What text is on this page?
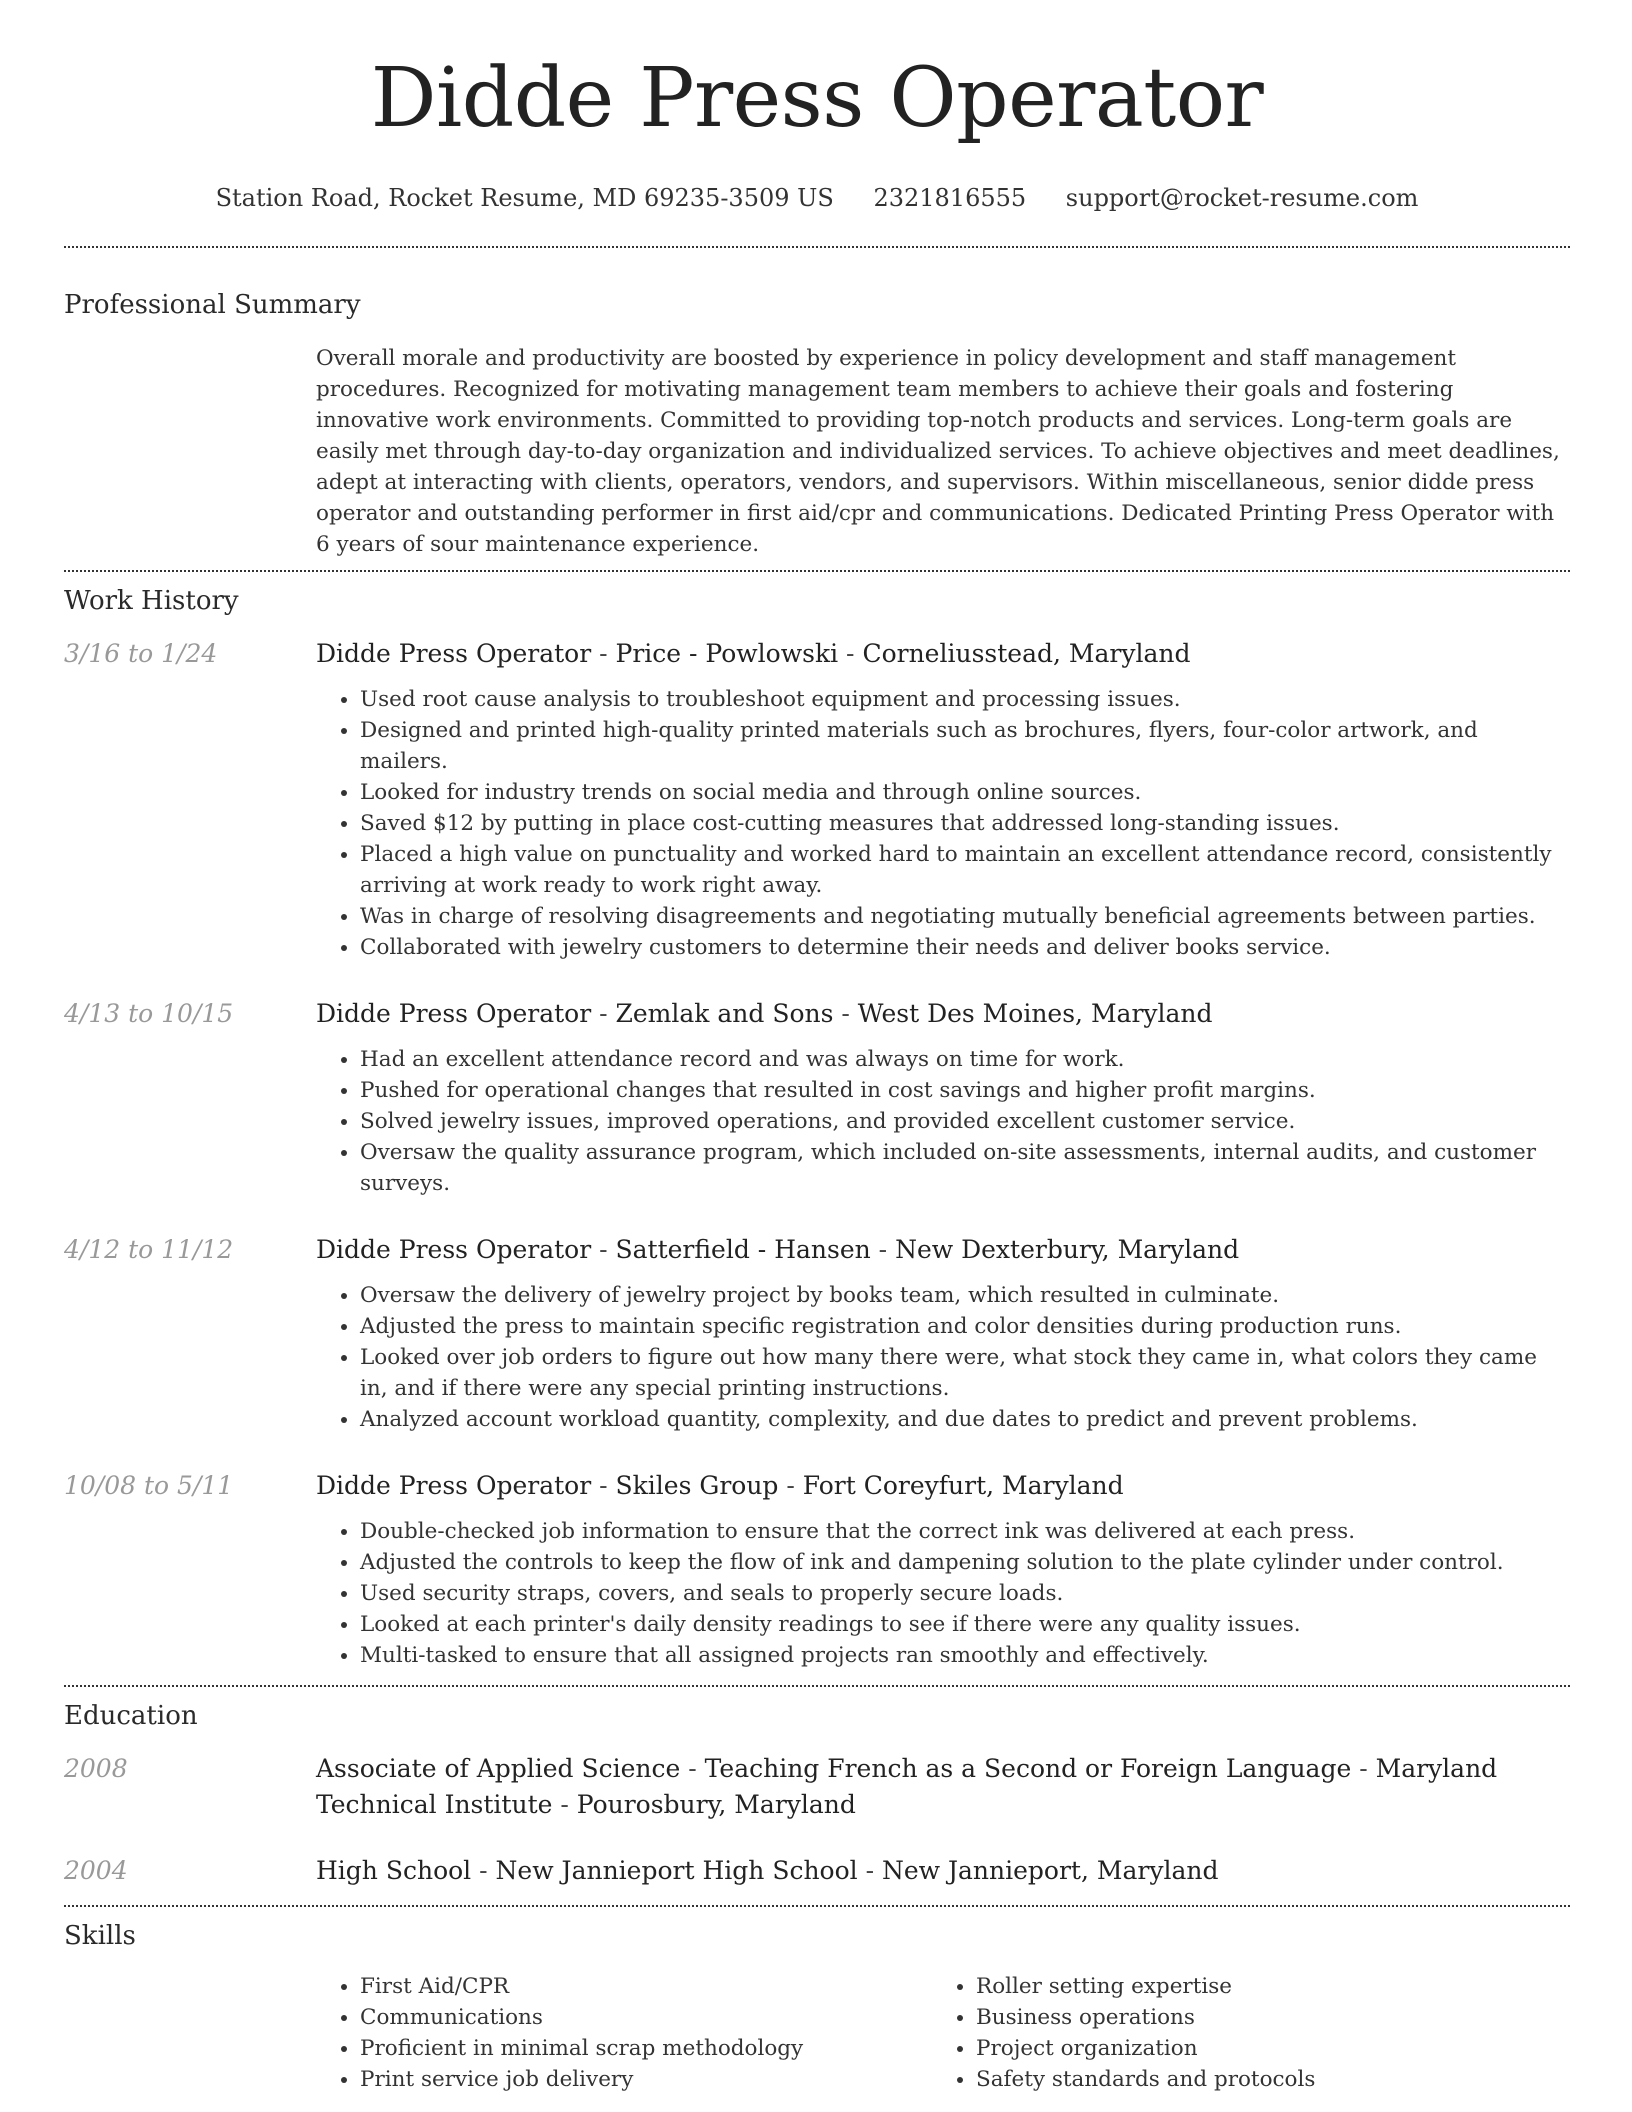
Didde Press Operator
Station Road, Rocket Resume, MD 69235-3509 US 2321816555 support@rocket-resume.com
Professional Summary

Overall morale and productivity are boosted by experience in policy development and staff management procedures. Recognized for motivating management team members to achieve their goals and fostering innovative work environments. Committed to providing top-notch products and services. Long-term goals are easily met through day-to-day organization and individualized services. To achieve objectives and meet deadlines, adept at interacting with clients, operators, vendors, and supervisors. Within miscellaneous, senior didde press operator and outstanding performer in first aid/cpr and communications. Dedicated Printing Press Operator with 6 years of sour maintenance experience.

Work History
3/16 to 1/24	Didde Press Operator - Price - Powlowski - Corneliusstead, Maryland
• Used root cause analysis to troubleshoot equipment and processing issues.
• Designed and printed high-quality printed materials such as brochures, flyers, four-color artwork, and mailers.
• Looked for industry trends on social media and through online sources.
• Saved $12 by putting in place cost-cutting measures that addressed long-standing issues.
• Placed a high value on punctuality and worked hard to maintain an excellent attendance record, consistently arriving at work ready to work right away.
• Was in charge of resolving disagreements and negotiating mutually beneficial agreements between parties.
• Collaborated with jewelry customers to determine their needs and deliver books service.
4/13 to 10/15	Didde Press Operator - Zemlak and Sons - West Des Moines, Maryland
• Had an excellent attendance record and was always on time for work.
• Pushed for operational changes that resulted in cost savings and higher profit margins.
• Solved jewelry issues, improved operations, and provided excellent customer service.
• Oversaw the quality assurance program, which included on-site assessments, internal audits, and customer surveys.
4/12 to 11/12	Didde Press Operator - Satterfield - Hansen - New Dexterbury, Maryland
• Oversaw the delivery of jewelry project by books team, which resulted in culminate.
• Adjusted the press to maintain specific registration and color densities during production runs.
• Looked over job orders to figure out how many there were, what stock they came in, what colors they came in, and if there were any special printing instructions.
• Analyzed account workload quantity, complexity, and due dates to predict and prevent problems.
10/08 to 5/11	Didde Press Operator - Skiles Group - Fort Coreyfurt, Maryland
• Double-checked job information to ensure that the correct ink was delivered at each press.
• Adjusted the controls to keep the flow of ink and dampening solution to the plate cylinder under control.
• Used security straps, covers, and seals to properly secure loads.
• Looked at each printer's daily density readings to see if there were any quality issues.
• Multi-tasked to ensure that all assigned projects ran smoothly and effectively.
Education
2008	Associate of Applied Science - Teaching French as a Second or Foreign Language - Maryland Technical Institute - Pourosbury, Maryland
2004	High School - New Jannieport High School - New Jannieport, Maryland
Skills
• First Aid/CPR
• Communications
• Proficient in minimal scrap methodology
• Print service job delivery
• Roller setting expertise
• Business operations
• Project organization
• Safety standards and protocols
